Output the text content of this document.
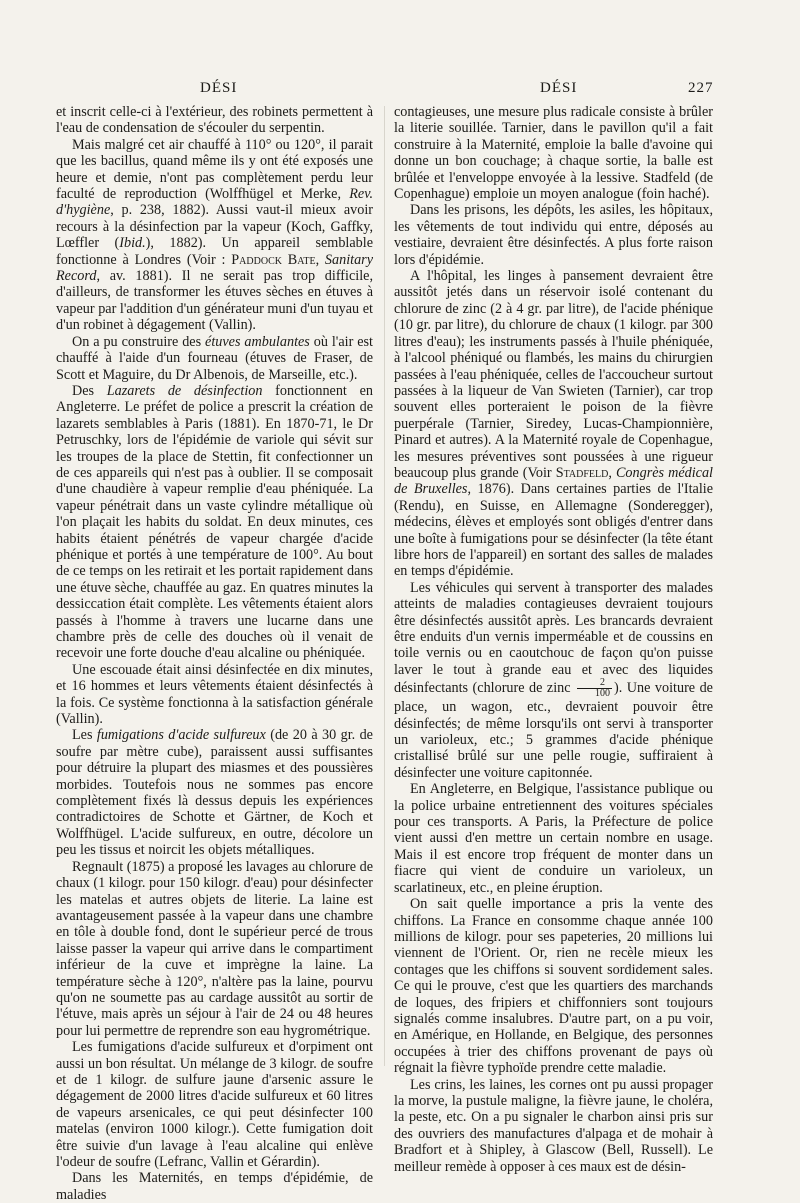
DÉSI	DÉSI	227

et inscrit celle-ci à l'extérieur, des robinets permettent à l'eau de condensation de s'écouler du serpentin.

Mais malgré cet air chauffé à 110° ou 120°, il parait que les bacillus, quand même ils y ont été exposés une heure et demie, n'ont pas complètement perdu leur faculté de reproduction (Wolffhügel et Merke, Rev. d'hygiène, p. 238, 1882). Aussi vaut-il mieux avoir recours à la désinfection par la vapeur (Koch, Gaffky, Lœffler (Ibid.), 1882). Un appareil semblable fonctionne à Londres (Voir : Paddock Bate, Sanitary Record, av. 1881). Il ne serait pas trop difficile, d'ailleurs, de transformer les étuves sèches en étuves à vapeur par l'addition d'un générateur muni d'un tuyau et d'un robinet à dégagement (Vallin).

On a pu construire des étuves ambulantes où l'air est chauffé à l'aide d'un fourneau (étuves de Fraser, de Scott et Maguire, du Dr Albenois, de Marseille, etc.).

Des Lazarets de désinfection fonctionnent en Angleterre. Le préfet de police a prescrit la création de lazarets semblables à Paris (1881). En 1870-71, le Dr Petruschky, lors de l'épidémie de variole qui sévit sur les troupes de la place de Stettin, fit confectionner un de ces appareils qui n'est pas à oublier. Il se composait d'une chaudière à vapeur remplie d'eau phéniquée. La vapeur pénétrait dans un vaste cylindre métallique où l'on plaçait les habits du soldat. En deux minutes, ces habits étaient pénétrés de vapeur chargée d'acide phénique et portés à une température de 100°. Au bout de ce temps on les retirait et les portait rapidement dans une étuve sèche, chauffée au gaz. En quatres minutes la dessiccation était complète. Les vêtements étaient alors passés à l'homme à travers une lucarne dans une chambre près de celle des douches où il venait de recevoir une forte douche d'eau alcaline ou phéniquée.

Une escouade était ainsi désinfectée en dix minutes, et 16 hommes et leurs vêtements étaient désinfectés à la fois. Ce système fonctionna à la satisfaction générale (Vallin).

Les fumigations d'acide sulfureux (de 20 à 30 gr. de soufre par mètre cube), paraissent aussi suffisantes pour détruire la plupart des miasmes et des poussières morbides. Toutefois nous ne sommes pas encore complètement fixés là dessus depuis les expériences contradictoires de Schotte et Gärtner, de Koch et Wolffhügel. L'acide sulfureux, en outre, décolore un peu les tissus et noircit les objets métalliques.

Regnault (1875) a proposé les lavages au chlorure de chaux (1 kilogr. pour 150 kilogr. d'eau) pour désinfecter les matelas et autres objets de literie. La laine est avantageusement passée à la vapeur dans une chambre en tôle à double fond, dont le supérieur percé de trous laisse passer la vapeur qui arrive dans le compartiment inférieur de la cuve et imprègne la laine. La température sèche à 120°, n'altère pas la laine, pourvu qu'on ne soumette pas au cardage aussitôt au sortir de l'étuve, mais après un séjour à l'air de 24 ou 48 heures pour lui permettre de reprendre son eau hygrométrique.

Les fumigations d'acide sulfureux et d'orpiment ont aussi un bon résultat. Un mélange de 3 kilogr. de soufre et de 1 kilogr. de sulfure jaune d'arsenic assure le dégagement de 2000 litres d'acide sulfureux et 60 litres de vapeurs arsenicales, ce qui peut désinfecter 100 matelas (environ 1000 kilogr.). Cette fumigation doit être suivie d'un lavage à l'eau alcaline qui enlève l'odeur de soufre (Lefranc, Vallin et Gérardin).

Dans les Maternités, en temps d'épidémie, de maladies

contagieuses, une mesure plus radicale consiste à brûler la literie souillée. Tarnier, dans le pavillon qu'il a fait construire à la Maternité, emploie la balle d'avoine qui donne un bon couchage; à chaque sortie, la balle est brûlée et l'enveloppe envoyée à la lessive. Stadfeld (de Copenhague) emploie un moyen analogue (foin haché).

Dans les prisons, les dépôts, les asiles, les hôpitaux, les vêtements de tout individu qui entre, déposés au vestiaire, devraient être désinfectés. A plus forte raison lors d'épidémie.

A l'hôpital, les linges à pansement devraient être aussitôt jetés dans un réservoir isolé contenant du chlorure de zinc (2 à 4 gr. par litre), de l'acide phénique (10 gr. par litre), du chlorure de chaux (1 kilogr. par 300 litres d'eau); les instruments passés à l'huile phéniquée, à l'alcool phéniqué ou flambés, les mains du chirurgien passées à l'eau phéniquée, celles de l'accoucheur surtout passées à la liqueur de Van Swieten (Tarnier), car trop souvent elles porteraient le poison de la fièvre puerpérale (Tarnier, Siredey, Lucas-Championnière, Pinard et autres). A la Maternité royale de Copenhague, les mesures préventives sont poussées à une rigueur beaucoup plus grande (Voir Stadfeld, Congrès médical de Bruxelles, 1876). Dans certaines parties de l'Italie (Rendu), en Suisse, en Allemagne (Sonderegger), médecins, élèves et employés sont obligés d'entrer dans une boîte à fumigations pour se désinfecter (la tête étant libre hors de l'appareil) en sortant des salles de malades en temps d'épidémie.

Les véhicules qui servent à transporter des malades atteints de maladies contagieuses devraient toujours être désinfectés aussitôt après. Les brancards devraient être enduits d'un vernis imperméable et de coussins en toile vernis ou en caoutchouc de façon qu'on puisse laver le tout à grande eau et avec des liquides désinfectants (chlorure de zinc $\frac{2}{100}$ ). Une voiture de place, un wagon, etc., devraient pouvoir être désinfectés; de même lorsqu'ils ont servi à transporter un varioleux, etc.; 5 grammes d'acide phénique cristallisé brûlé sur une pelle rougie, suffiraient à désinfecter une voiture capitonnée.

En Angleterre, en Belgique, l'assistance publique ou la police urbaine entretiennent des voitures spéciales pour ces transports. A Paris, la Préfecture de police vient aussi d'en mettre un certain nombre en usage. Mais il est encore trop fréquent de monter dans un fiacre qui vient de conduire un varioleux, un scarlatineux, etc., en pleine éruption.

On sait quelle importance a pris la vente des chiffons. La France en consomme chaque année 100 millions de kilogr. pour ses papeteries, 20 millions lui viennent de l'Orient. Or, rien ne recèle mieux les contages que les chiffons si souvent sordidement sales. Ce qui le prouve, c'est que les quartiers des marchands de loques, des fripiers et chiffonniers sont toujours signalés comme insalubres. D'autre part, on a pu voir, en Amérique, en Hollande, en Belgique, des personnes occupées à trier des chiffons provenant de pays où régnait la fièvre typhoïde prendre cette maladie.

Les crins, les laines, les cornes ont pu aussi propager la morve, la pustule maligne, la fièvre jaune, le choléra, la peste, etc. On a pu signaler le charbon ainsi pris sur des ouvriers des manufactures d'alpaga et de mohair à Bradfort et à Shipley, à Glascow (Bell, Russell). Le meilleur remède à opposer à ces maux est de désin-
